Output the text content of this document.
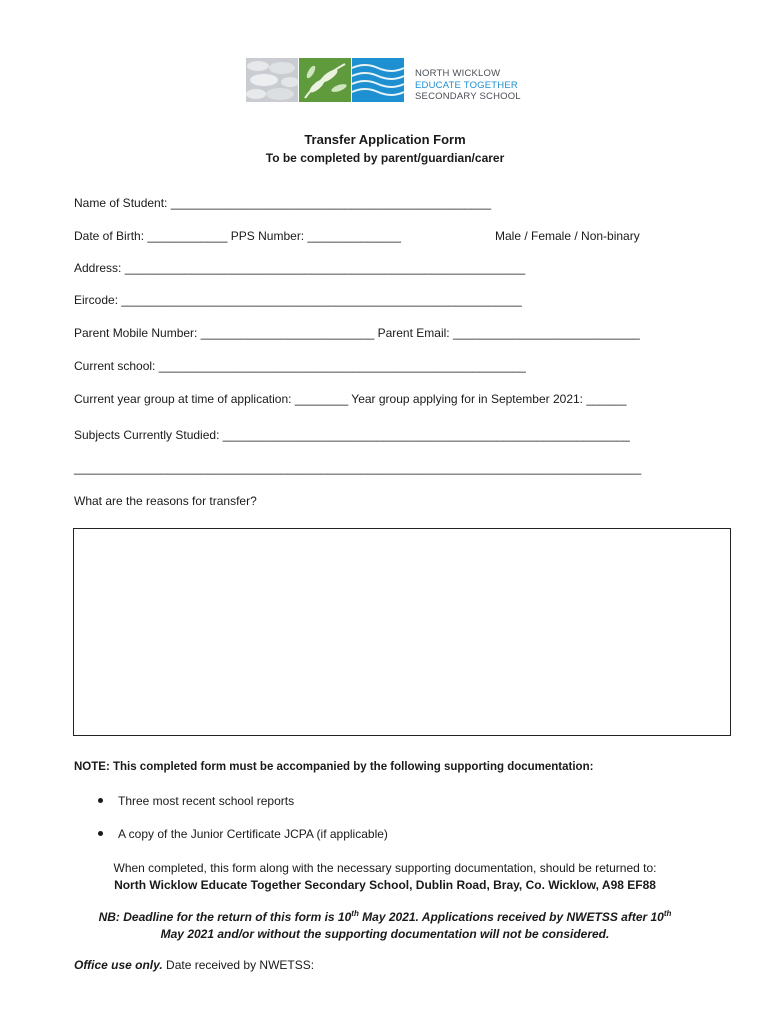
NORTH WICKLOW
EDUCATE TOGETHER
SECONDARY SCHOOL
Transfer Application Form
To be completed by parent/guardian/carer
Name of Student: ________________________________________________
Date of Birth: ____________ PPS Number: ______________	Male / Female / Non-binary
Address: ____________________________________________________________
Eircode: ____________________________________________________________
Parent Mobile Number: __________________________ Parent Email: ____________________________
Current school: _______________________________________________________
Current year group at time of application: ________ Year group applying for in September 2021: ______
Subjects Currently Studied: _____________________________________________________________
_____________________________________________________________________________________
What are the reasons for transfer?
NOTE: This completed form must be accompanied by the following supporting documentation:
Three most recent school reports
A copy of the Junior Certificate JCPA (if applicable)
When completed, this form along with the necessary supporting documentation, should be returned to:
North Wicklow Educate Together Secondary School, Dublin Road, Bray, Co. Wicklow, A98 EF88
NB: Deadline for the return of this form is 10th May 2021. Applications received by NWETSS after 10th
May 2021 and/or without the supporting documentation will not be considered.
Office use only. Date received by NWETSS:
